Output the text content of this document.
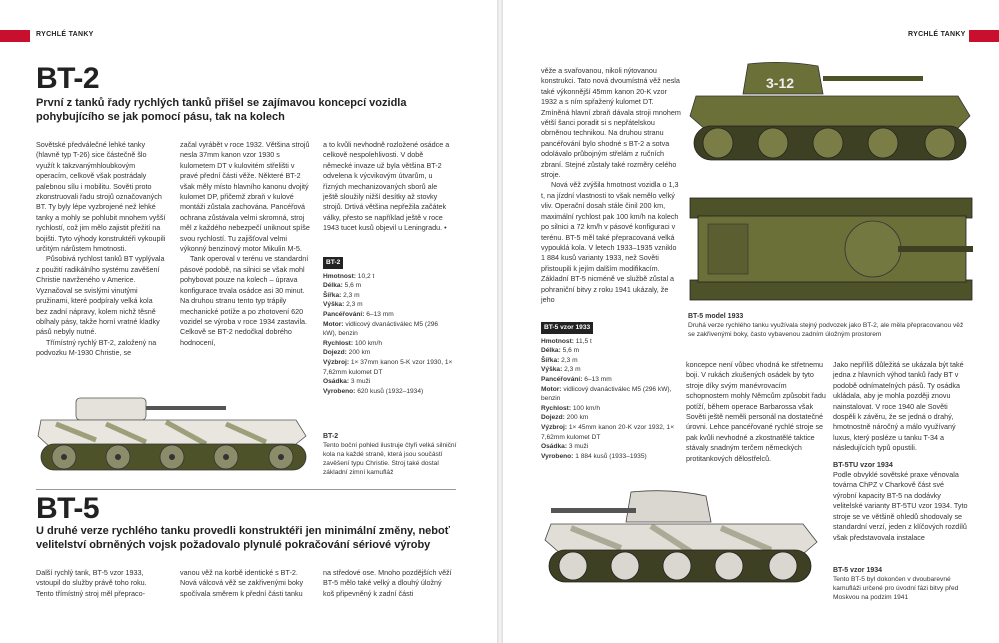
RYCHLÉ TANKY
BT-2
První z tanků řady rychlých tanků přišel se zajímavou koncepcí vozidla pohybujícího se jak pomocí pásu, tak na kolech

Sovětské předválečné lehké tanky (hlavně typ T-26) sice částečně šlo využít k takzvanýmhloubkovým operacím, celkově však postrádaly palebnou sílu i mobilitu. Sověti proto zkonstruovali řadu strojů označovaných BT. Ty byly lépe vyzbrojené než lehké tanky a mohly se pohlubit mnohem vyšší rychlostí, což jim mělo zajistit přežití na bojišti. Tyto výhody konstruktéři vykoupili určitým nárůstem hmotnosti.

Působivá rychlost tanků BT vyplývala z použití radikálního systému zavěšení Christie navrženého v Americe. Vyznačoval se svislými vinutými pružinami, které podpíraly velká kola bez zadní nápravy, kolem nichž těsně obíhaly pásy, takže horní vratné kladky pásů nebyly nutné.

Třímístný rychlý BT-2, založený na podvozku M-1930 Christie, se

začal vyrábět v roce 1932. Většina strojů nesla 37mm kanon vzor 1930 s kulometem DT v kulovitém střelišti v pravé přední části věže. Některé BT-2 však měly místo hlavního kanonu dvojitý kulomet DP, přičemž zbraň v kulové montáži zůstala zachována. Pancéřová ochrana zůstávala velmi skromná, stroj měl z každého nebezpečí uniknout spíše svou rychlostí. Tu zajišťoval velmi výkonný benzinový motor Mikulin M-5.

Tank operoval v terénu ve standardní pásové podobě, na silnici se však mohl pohybovat pouze na kolech – úprava konfigurace trvala osádce asi 30 minut. Na druhou stranu tento typ trápily mechanické potíže a po zhotovení 620 vozidel se výroba v roce 1934 zastavila. Celkově se BT-2 nedočkal dobrého hodnocení,

a to kvůli nevhodně rozložené osádce a celkově nespolehlivosti. V době německé invaze už byla většina BT-2 odvelena k výcvikovým útvarům, u řízných mechanizovaných sborů ale ještě sloužily nižší desítky až stovky strojů. Drtivá většina nepřežila začátek války, přesto se například ještě v roce 1943 tucet kusů objevil u Leningradu. •

BT-2
Hmotnost: 10,2 t
Délka: 5,6 m
Šířka: 2,3 m
Výška: 2,3 m
Pancéřování: 6–13 mm
Motor: vidlicový dvanáctiválec M5 (296 kW), benzin
Rychlost: 100 km/h
Dojezd: 200 km
Výzbroj: 1× 37mm kanon 5-K vzor 1930, 1× 7,62mm kulomet DT
Osádka: 3 muži
Vyrobeno: 620 kusů (1932–1934)
BT-2
Tento boční pohled ilustruje čtyři velká silniční kola na každé straně, která jsou součástí zavěšení typu Christie. Stroj také dostal základní zimní kamufláž
BT-5
U druhé verze rychlého tanku provedli konstruktéři jen minimální změny, neboť velitelství obrněných vojsk požadovalo plynulé pokračování sériové výroby
Další rychlý tank, BT-5 vzor 1933, vstoupil do služby právě toho roku. Tento třímístný stroj měl přepraco-
vanou věž na korbě identické s BT-2. Nová válcová věž se zakřivenými boky spočívala směrem k přední části tanku
na středové ose. Mnoho pozdějších věží BT-5 mělo také velký a dlouhý úložný koš připevněný k zadní části
RYCHLÉ TANKY

věže a svařovanou, nikoli nýtovanou konstrukci. Tato nová dvoumístná věž nesla také výkonnější 45mm kanon 20-K vzor 1932 a s ním spřažený kulomet DT. Zmíněná hlavní zbraň dávala stroji mnohem větší šanci poradit si s nepřátelskou obrněnou technikou. Na druhou stranu pancéřování bylo shodné s BT-2 a sotva odolávalo průbojným střelám z ručních zbraní. Stejné zůstaly také rozměry celého stroje.

Nová věž zvýšila hmotnost vozidla o 1,3 t, na jízdní vlastnosti to však nemělo velký vliv. Operační dosah stále činil 200 km, maximální rychlost pak 100 km/h na kolech po silnici a 72 km/h v pásové konfiguraci v terénu. BT-5 měl také přepracovaná velká vypouklá kola. V letech 1933–1935 vzniklo 1 884 kusů varianty 1933, než Sověti přistoupili k jejím dalším modifikacím. Základní BT-5 nicméně ve službě zůstal a pohraniční bitvy z roku 1941 ukázaly, že jeho

3-12
BT-5 model 1933
Druhá verze rychlého tanku využívala stejný podvozek jako BT-2, ale měla přepracovanou věž se zakřivenými boky, často vybavenou zadním úložným prostorem
BT-5 vzor 1933
Hmotnost: 11,5 t
Délka: 5,6 m
Šířka: 2,3 m
Výška: 2,3 m
Pancéřování: 6–13 mm
Motor: vidlicový dvanáctiválec M5 (296 kW), benzin
Rychlost: 100 km/h
Dojezd: 200 km
Výzbroj: 1× 45mm kanon 20-K vzor 1932, 1× 7,62mm kulomet DT
Osádka: 3 muži
Vyrobeno: 1 884 kusů (1933–1935)
koncepce není vůbec vhodná ke střetnemu boji. V rukách zkušených osádek by tyto stroje díky svým manévrovacím schopnostem mohly Němcům způsobit řadu potíží, během operace Barbarossa však Sověti ještě neměli personál na dostatečné úrovni. Lehce pancéřované rychlé stroje se pak kvůli nevhodné a zkostnatělé taktice stávaly snadným terčem německých protitankových dělostřelců.

Jako nepříliš důležitá se ukázala být také jedna z hlavních výhod tanků řady BT v podobě odnímatelných pásů. Ty osádka ukládala, aby je mohla později znovu nainstalovat. V roce 1940 ale Sověti dospěli k závěru, že se jedná o drahý, hmotnostně náročný a málo využívaný luxus, který posléze u tanku T-34 a následujících typů opustili.

BT-5TU vzor 1934

Podle obvyklé sovětské praxe věnovala továrna ChPZ v Charkově část své výrobní kapacity BT-5 na dodávky velitelské varianty BT-5TU vzor 1934. Tyto stroje se ve většině ohledů shodovaly se standardní verzí, jeden z klíčových rozdílů však představovala instalace

BT-5 vzor 1934
Tento BT-5 byl dokončen v dvoubarevné kamufláži určené pro úvodní fázi bitvy před Moskvou na podzim 1941
